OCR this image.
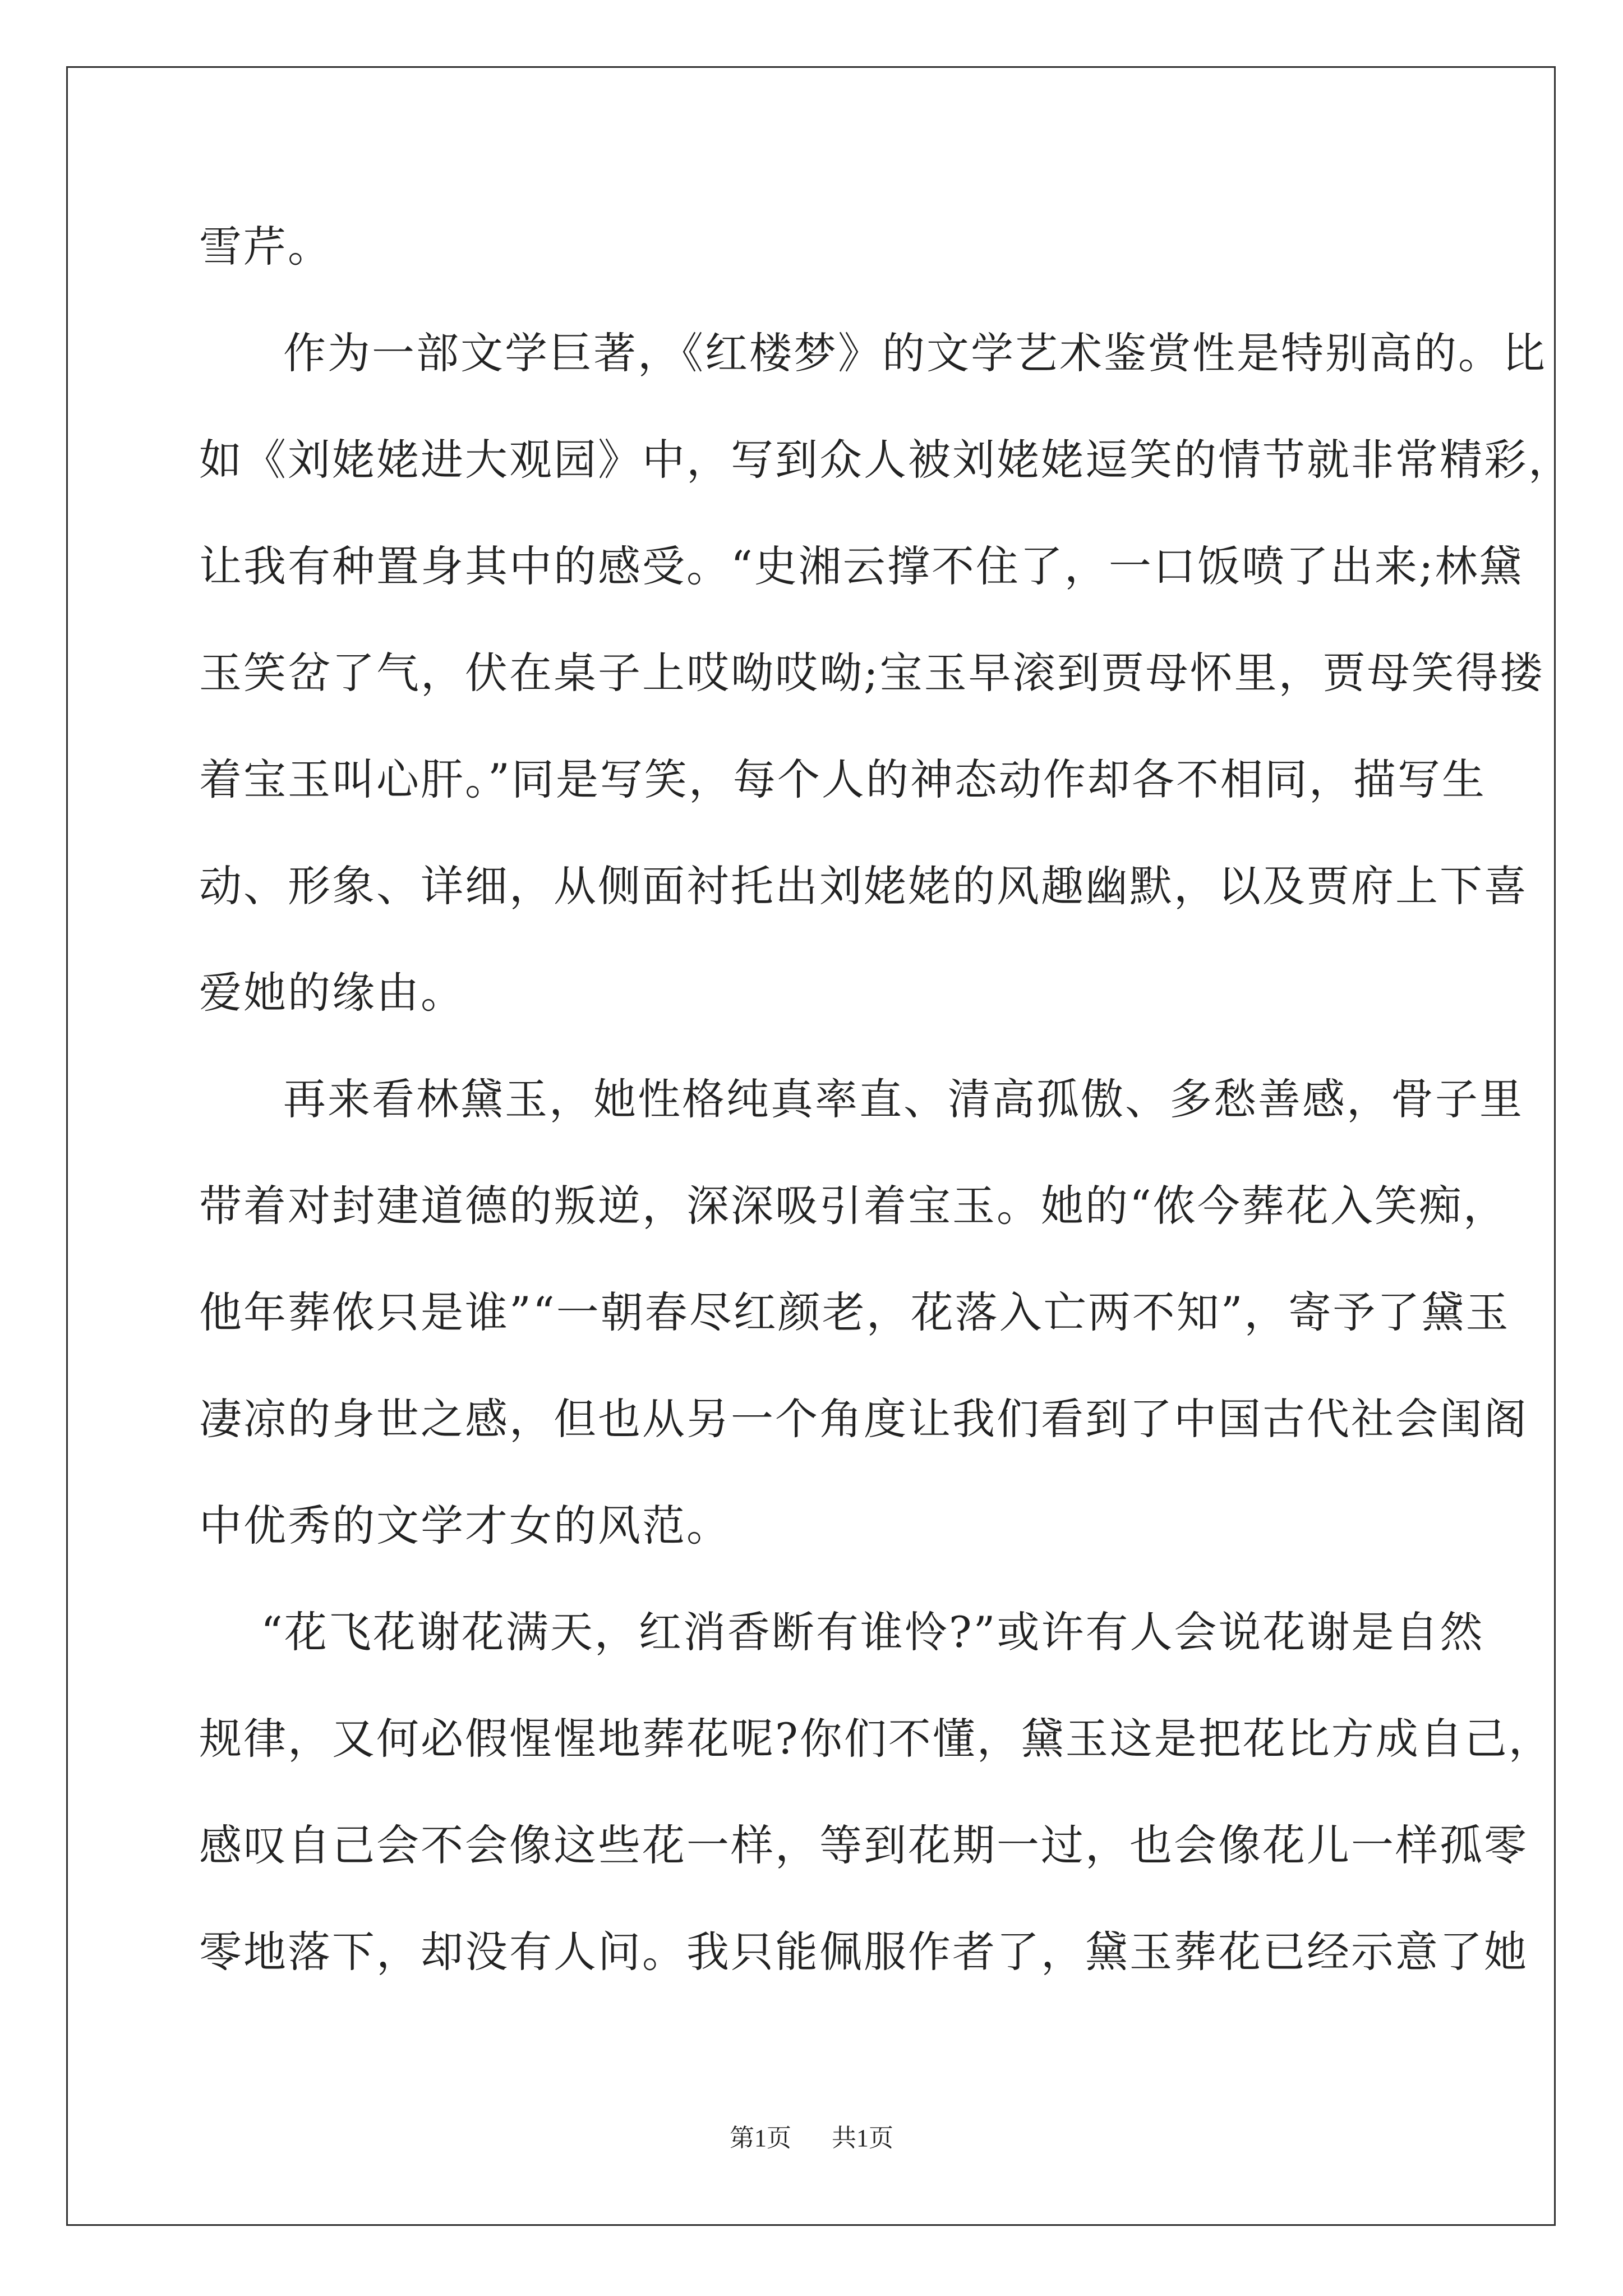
雪芹。
作为一部文学巨著，《红楼梦》的文学艺术鉴赏性是特别高的。比
如《刘姥姥进大观园》中，写到众人被刘姥姥逗笑的情节就非常精彩，
让我有种置身其中的感受。“史湘云撑不住了，一口饭喷了出来;林黛
玉笑岔了气，伏在桌子上哎呦哎呦;宝玉早滚到贾母怀里，贾母笑得搂
着宝玉叫心肝。”同是写笑，每个人的神态动作却各不相同，描写生
动、形象、详细，从侧面衬托出刘姥姥的风趣幽默，以及贾府上下喜
爱她的缘由。
再来看林黛玉，她性格纯真率直、清高孤傲、多愁善感，骨子里
带着对封建道德的叛逆，深深吸引着宝玉。她的“侬今葬花入笑痴，
他年葬侬只是谁”“一朝春尽红颜老，花落入亡两不知”，寄予了黛玉
凄凉的身世之感，但也从另一个角度让我们看到了中国古代社会闺阁
中优秀的文学才女的风范。
“花飞花谢花满天，红消香断有谁怜?”或许有人会说花谢是自然
规律，又何必假惺惺地葬花呢?你们不懂，黛玉这是把花比方成自己，
感叹自己会不会像这些花一样，等到花期一过，也会像花儿一样孤零
零地落下，却没有人问。我只能佩服作者了，黛玉葬花已经示意了她
第1页 共1页
